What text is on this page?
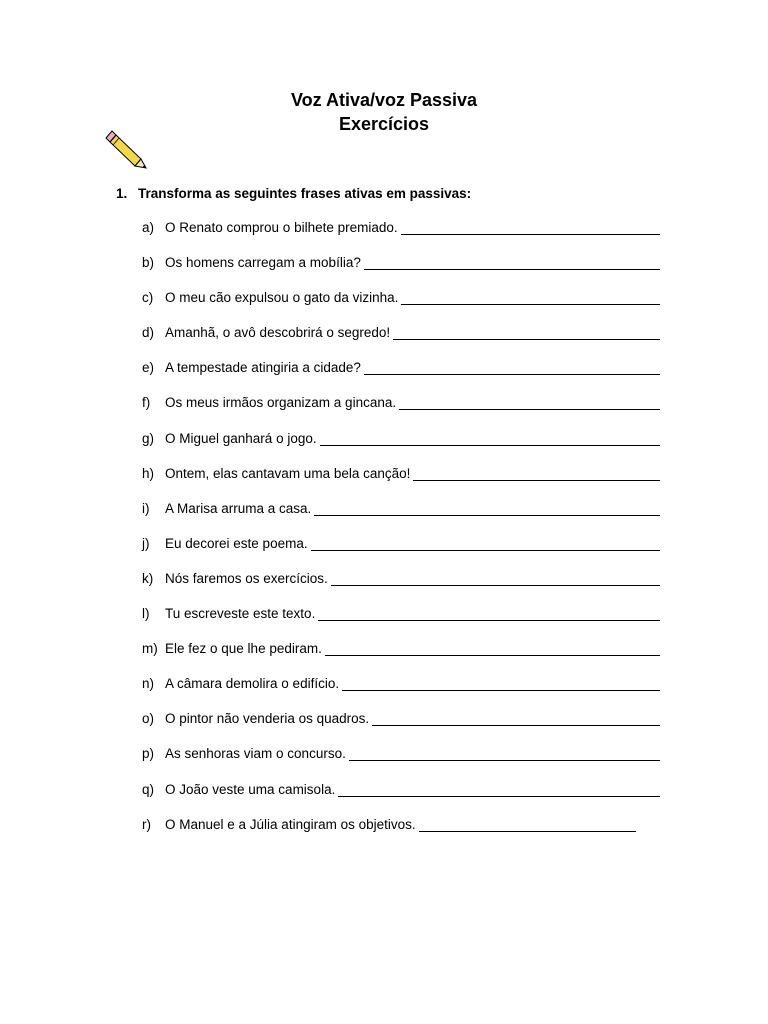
Voz Ativa/voz Passiva
Exercícios
1. Transforma as seguintes frases ativas em passivas:
a) O Renato comprou o bilhete premiado.
b) Os homens carregam a mobília?
c) O meu cão expulsou o gato da vizinha.
d) Amanhã, o avô descobrirá o segredo!
e) A tempestade atingiria a cidade?
f)	Os meus irmãos organizam a gincana.
g) O Miguel ganhará o jogo.
h) Ontem, elas cantavam uma bela canção!
i)	A Marisa arruma a casa.
j)	Eu decorei este poema.
k) Nós faremos os exercícios.
l)	Tu escreveste este texto.
m) Ele fez o que lhe pediram.
n) A câmara demolira o edifício.
o) O pintor não venderia os quadros.
p) As senhoras viam o concurso.
q) O João veste uma camisola.
r)	O Manuel e a Júlia atingiram os objetivos.
